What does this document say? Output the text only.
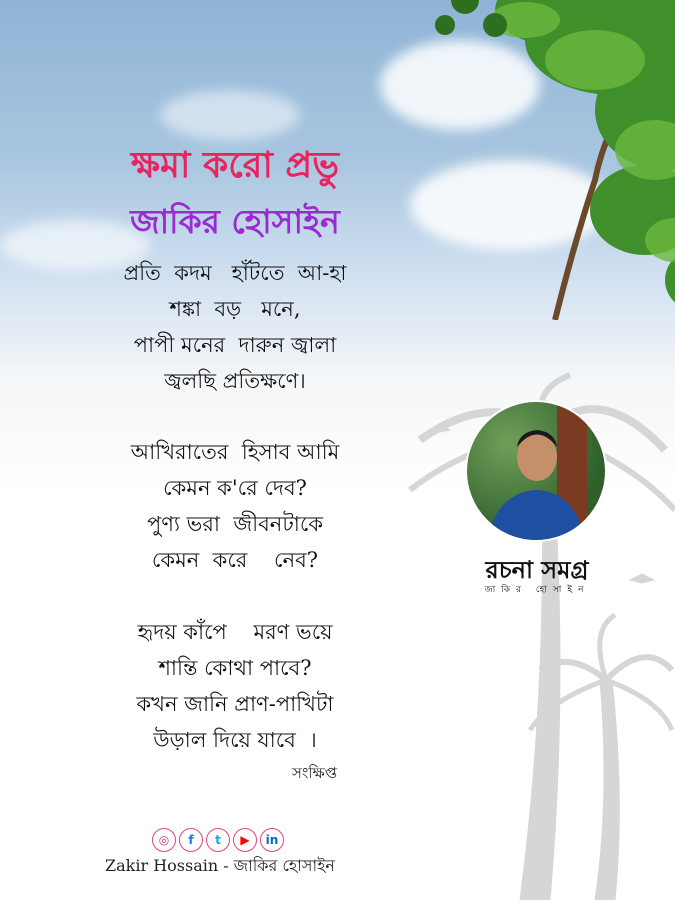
ক্ষমা করো প্রভু
জাকির হোসাইন
প্রতি  কদম   হাঁটতে  আ-হা
শঙ্কা  বড়   মনে,
পাপী মনের  দারুন জ্বালা
জ্বলছি প্রতিক্ষণে।
আখিরাতের  হিসাব আমি
কেমন ক'রে দেব?
পুণ্য ভরা  জীবনটাকে
কেমন  করে    নেব?
হৃদয় কাঁপে    মরণ ভয়ে
শান্তি কোথা পাবে?
কখন জানি প্রাণ-পাখিটা
উড়াল দিয়ে যাবে  ।
সংক্ষিপ্ত
রচনা সমগ্র
জাকির হোসাইন
◎	f	t	▶	in
Zakir Hossain - জাকির হোসাইন
